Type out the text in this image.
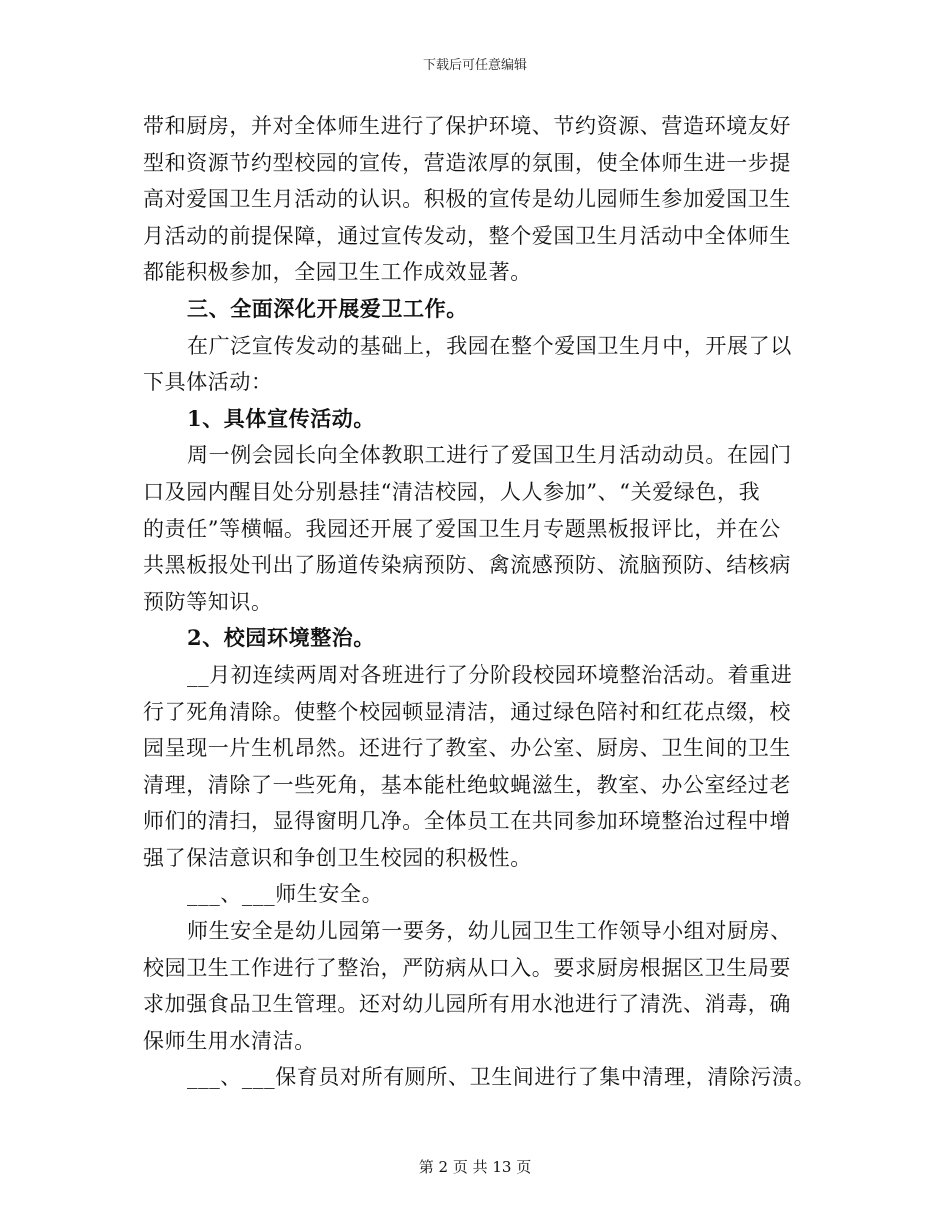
下载后可任意编辑
带和厨房，并对全体师生进行了保护环境、节约资源、营造环境友好
型和资源节约型校园的宣传，营造浓厚的氛围，使全体师生进一步提
高对爱国卫生月活动的认识。积极的宣传是幼儿园师生参加爱国卫生
月活动的前提保障，通过宣传发动，整个爱国卫生月活动中全体师生
都能积极参加，全园卫生工作成效显著。
三、全面深化开展爱卫工作。
在广泛宣传发动的基础上，我园在整个爱国卫生月中，开展了以
下具体活动：
1、具体宣传活动。
周一例会园长向全体教职工进行了爱国卫生月活动动员。在园门
口及园内醒目处分别悬挂“清洁校园，人人参加”、“关爱绿色，我
的责任”等横幅。我园还开展了爱国卫生月专题黑板报评比，并在公
共黑板报处刊出了肠道传染病预防、禽流感预防、流脑预防、结核病
预防等知识。
2、校园环境整治。
__月初连续两周对各班进行了分阶段校园环境整治活动。着重进
行了死角清除。使整个校园顿显清洁，通过绿色陪衬和红花点缀，校
园呈现一片生机昂然。还进行了教室、办公室、厨房、卫生间的卫生
清理，清除了一些死角，基本能杜绝蚊蝇滋生，教室、办公室经过老
师们的清扫，显得窗明几净。全体员工在共同参加环境整治过程中增
强了保洁意识和争创卫生校园的积极性。
___、___师生安全。
师生安全是幼儿园第一要务，幼儿园卫生工作领导小组对厨房、
校园卫生工作进行了整治，严防病从口入。要求厨房根据区卫生局要
求加强食品卫生管理。还对幼儿园所有用水池进行了清洗、消毒，确
保师生用水清洁。
___、___保育员对所有厕所、卫生间进行了集中清理，清除污渍。
第 2 页 共 13 页
